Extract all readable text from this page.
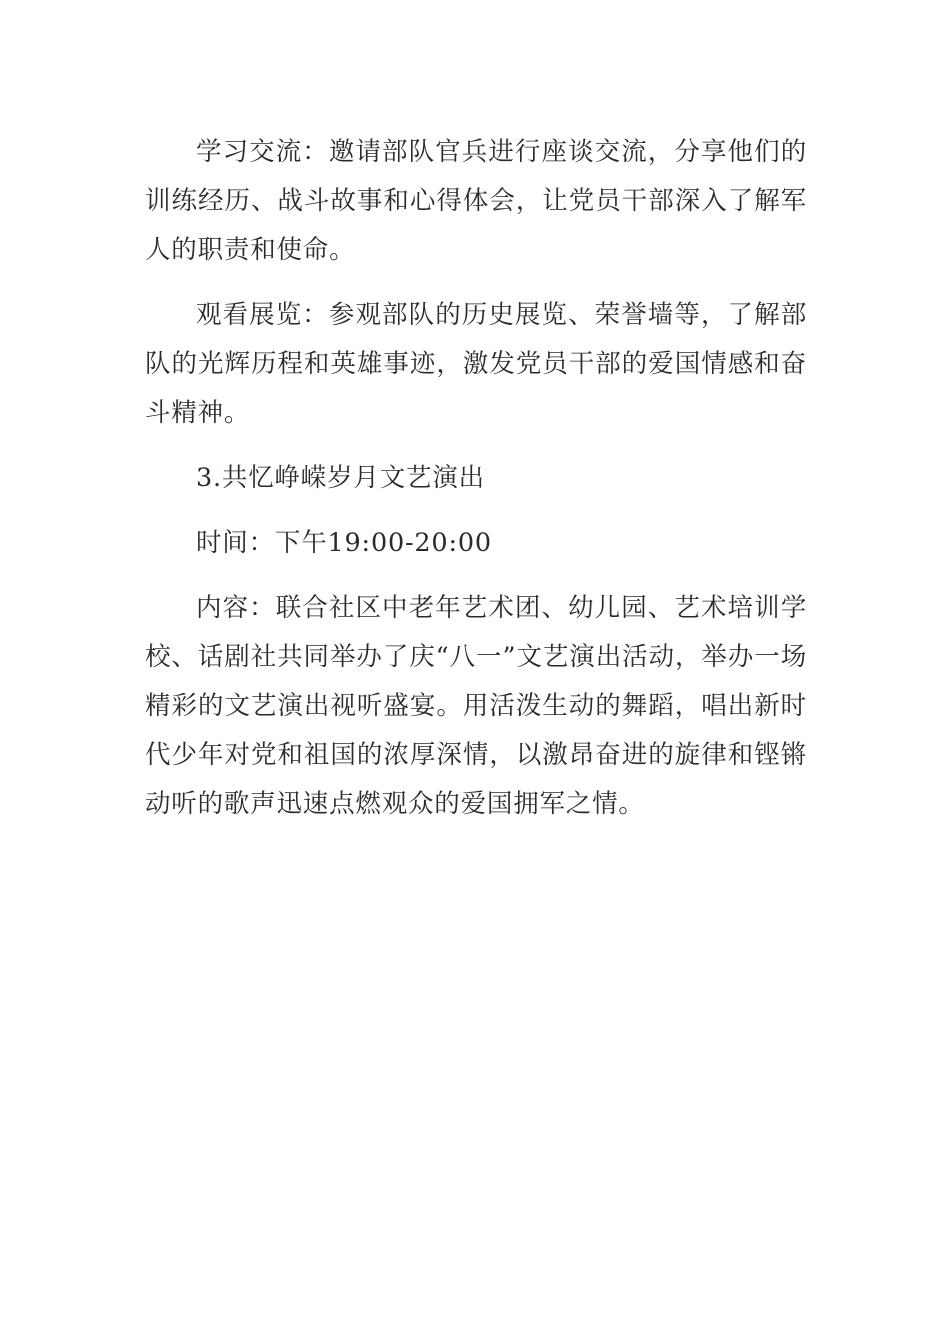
学习交流：邀请部队官兵进行座谈交流，分享他们的训练经历、战斗故事和心得体会，让党员干部深入了解军人的职责和使命。

观看展览：参观部队的历史展览、荣誉墙等，了解部队的光辉历程和英雄事迹，激发党员干部的爱国情感和奋斗精神。

3.共忆峥嵘岁月文艺演出

时间：下午19:00-20:00

内容：联合社区中老年艺术团、幼儿园、艺术培训学校、话剧社共同举办了庆“八一”文艺演出活动，举办一场精彩的文艺演出视听盛宴。用活泼生动的舞蹈，唱出新时代少年对党和祖国的浓厚深情，以激昂奋进的旋律和铿锵动听的歌声迅速点燃观众的爱国拥军之情。
